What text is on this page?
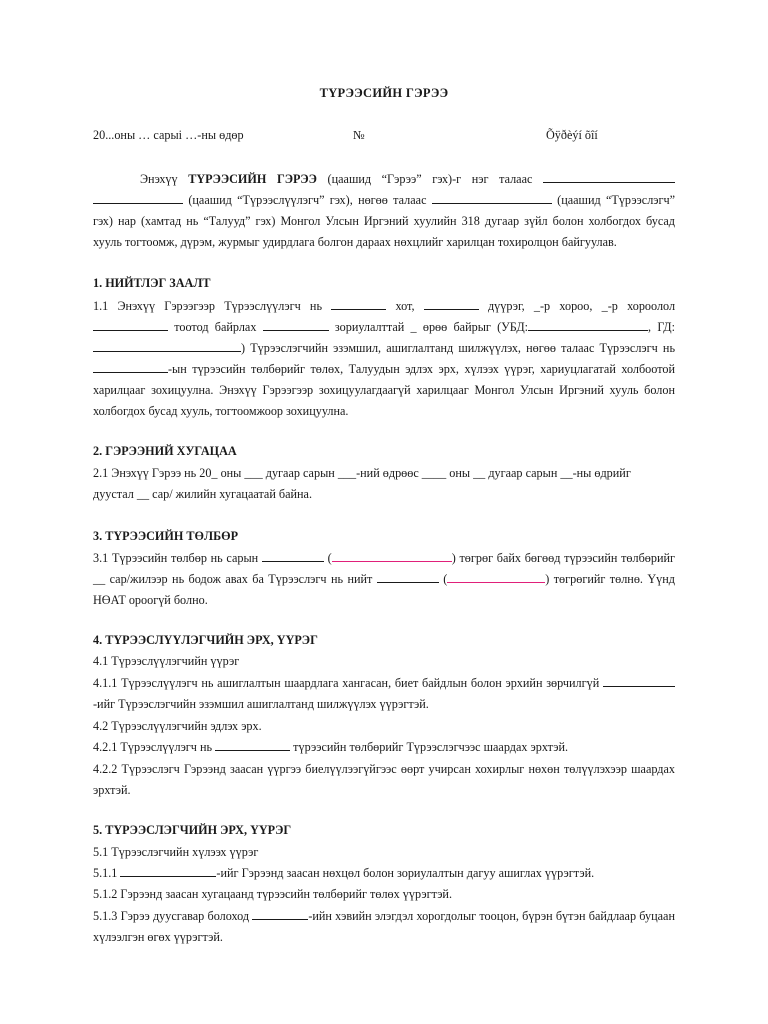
ТҮРЭЭСИЙН ГЭРЭЭ
20...оны … сарыі …-ны өдөр	№	Õÿðèýí õîí
Энэхүү ТҮРЭЭСИЙН ГЭРЭЭ (цаашид “Гэрээ” гэх)-г нэг талаас   (цаашид “Түрээслүүлэгч” гэх), нөгөө талаас	(цаашид “Түрээслэгч” гэх) нар (хамтад нь “Талууд” гэх) Монгол Улсын Иргэний хуулийн 318 дугаар зүйл болон холбогдох бусад хууль тогтоомж, дүрэм, журмыг удирдлага болгон дараах нөхцлийг харилцан тохиролцон байгуулав.
1. НИЙТЛЭГ ЗААЛТ
1.1 Энэхүү Гэрээгээр Түрээслүүлэгч нь	хот,	дүүрэг, _-р хороо, _-р хороолол  тоотод байрлах	зориулалттай _ өрөө байрыг (УБД:	, ГД:) Түрээслэгчийн эзэмшил, ашиглалтанд шилжүүлэх, нөгөө талаас Түрээслэгч нь -ын түрээсийн төлбөрийг төлөх, Талуудын эдлэх эрх, хүлээх үүрэг, хариуцлагатай холбоотой харилцааг зохицуулна. Энэхүү Гэрээгээр зохицуулагдаагүй харилцааг Монгол Улсын Иргэний хууль болон холбогдох бусад хууль, тогтоомжоор зохицуулна.
2. ГЭРЭЭНИЙ ХУГАЦАА
2.1 Энэхүү Гэрээ нь 20_ оны ___ дугаар сарын ___-ний өдрөөс ____ оны __ дугаар сарын __-ны өдрийг
дуустал __ сар/ жилийн хугацаатай байна.
3. ТҮРЭЭСИЙН ТӨЛБӨР
3.1 Түрээсийн төлбөр нь сарын	(	) төгрөг байх бөгөөд түрээсийн төлбөрийг __ сар/жилээр нь бодож авах ба Түрээслэгч нь нийт	(	) төгрөгийг төлнө. Үүнд НӨАТ ороогүй болно.
4. ТҮРЭЭСЛҮҮЛЭГЧИЙН ЭРХ, ҮҮРЭГ
4.1 Түрээслүүлэгчийн үүрэг
4.1.1 Түрээслүүлэгч нь ашиглалтын шаардлага хангасан, биет байдлын болон эрхийн зөрчилгүй -ийг Түрээслэгчийн эзэмшил ашиглалтанд шилжүүлэх үүрэгтэй.
4.2 Түрээслүүлэгчийн эдлэх эрх.
4.2.1 Түрээслүүлэгч нь	түрээсийн төлбөрийг Түрээслэгчээс шаардах эрхтэй.
4.2.2 Түрээслэгч Гэрээнд заасан үүргээ биелүүлээгүйгээс өөрт учирсан хохирлыг нөхөн төлүүлэхээр шаардах эрхтэй.
5. ТҮРЭЭСЛЭГЧИЙН ЭРХ, ҮҮРЭГ
5.1 Түрээслэгчийн хүлээх үүрэг
5.1.1	-ийг Гэрээнд заасан нөхцөл болон зориулалтын дагуу ашиглах үүрэгтэй.
5.1.2 Гэрээнд заасан хугацаанд түрээсийн төлбөрийг төлөх үүрэгтэй.
5.1.3 Гэрээ дуусгавар болоход	-ийн хэвийн элэгдэл хорогдолыг тооцон, бүрэн бүтэн байдлаар буцаан хүлээлгэн өгөх үүрэгтэй.
